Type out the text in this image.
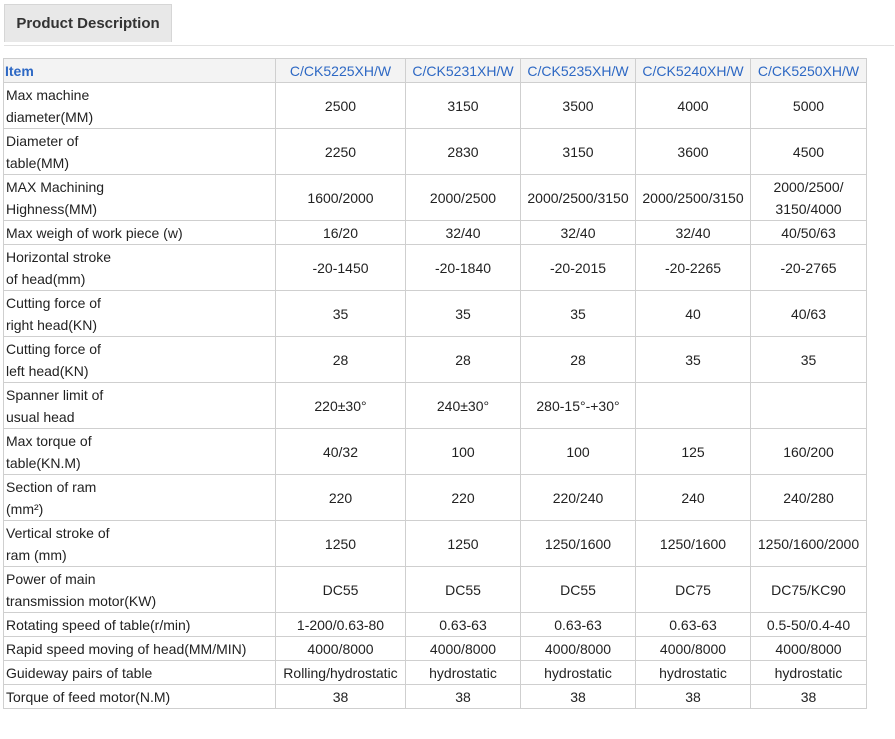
Product Description
Item	C/CK5225XH/W	C/CK5231XH/W	C/CK5235XH/W	C/CK5240XH/W	C/CK5250XH/W

Max machine
diameter(MM)	2500	3150	3500	4000	5000

Diameter of
table(MM)	2250	2830	3150	3600	4500

MAX Machining
Highness(MM)	1600/2000	2000/2500	2000/2500/3150	2000/2500/3150	2000/2500/ 3150/4000

Max weigh of work piece (w)	16/20	32/40	32/40	32/40	40/50/63

Horizontal stroke
of head(mm)	-20-1450	-20-1840	-20-2015	-20-2265	-20-2765

Cutting force of
right head(KN)	35	35	35	40	40/63

Cutting force of
left head(KN)	28	28	28	35	35

Spanner limit of
usual head	220±30°	240±30°	280-15°-+30°		

Max torque of
table(KN.M)	40/32	100	100	125	160/200

Section of ram
(mm²)	220	220	220/240	240	240/280

Vertical stroke of
ram (mm)	1250	1250	1250/1600	1250/1600	1250/1600/2000

Power of main
transmission motor(KW)	DC55	DC55	DC55	DC75	DC75/KC90

Rotating speed of table(r/min)	1-200/0.63-80	0.63-63	0.63-63	0.63-63	0.5-50/0.4-40

Rapid speed moving of head(MM/MIN)	4000/8000	4000/8000	4000/8000	4000/8000	4000/8000

Guideway pairs of table	Rolling/hydrostatic	hydrostatic	hydrostatic	hydrostatic	hydrostatic

Torque of feed motor(N.M)	38	38	38	38	38
